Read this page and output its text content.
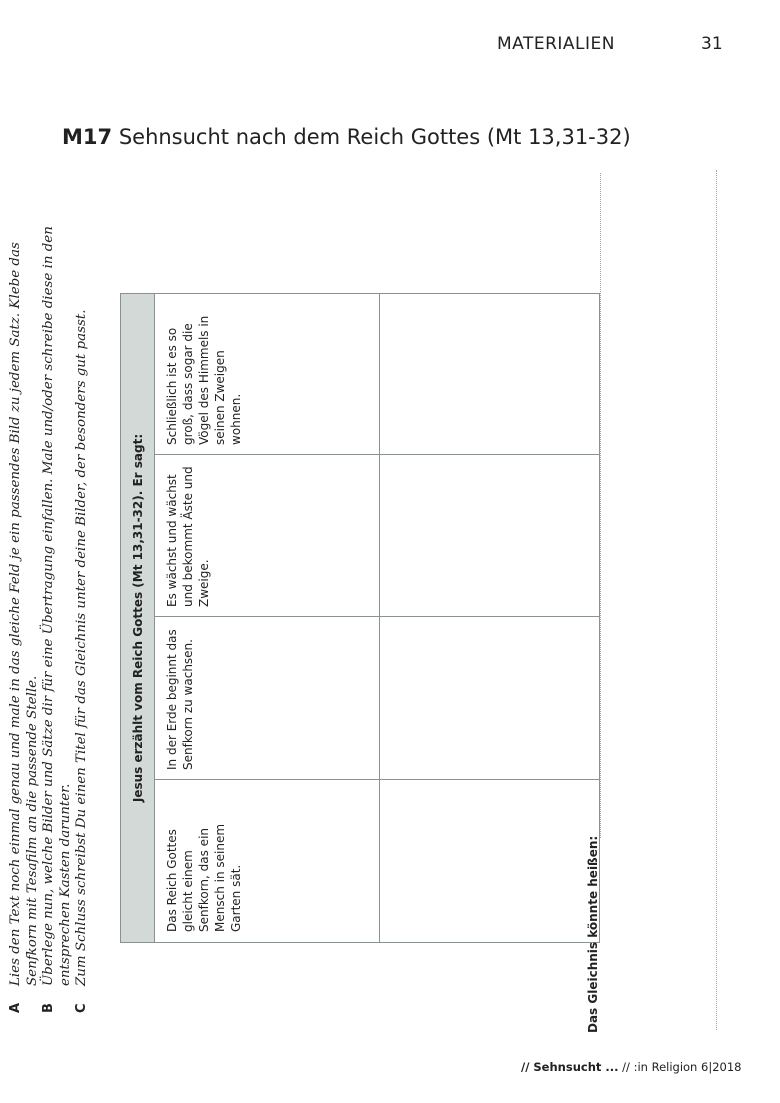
MATERIALIEN	31
M17 Sehnsucht nach dem Reich Gottes (Mt 13,31-32)
A
Lies den Text noch einmal genau und male in das gleiche Feld je ein passendes Bild zu jedem Satz. Klebe das Senfkorn mit Tesafilm an die passende Stelle.
B
Überlege nun, welche Bilder und Sätze dir für eine Übertragung einfallen. Male und/oder schreibe diese in den entsprechen Kasten darunter.
C
Zum Schluss schreibst Du einen Titel für das Gleichnis unter deine Bilder, der besonders gut passt.	Jesus erzählt vom Reich Gottes (Mt 13,31-32). Er sagt:
Das Reich Gottes gleicht einem Senfkorn, das ein Mensch in seinem Garten sät.
In der Erde beginnt das Senfkorn zu wachsen.
Es wächst und wächst und bekommt Äste und Zweige.
Schließlich ist es so groß, dass sogar die Vögel des Himmels in seinen Zweigen wohnen.
Das Gleichnis könnte heißen:
// Sehnsucht ... // :in Religion 6|2018
